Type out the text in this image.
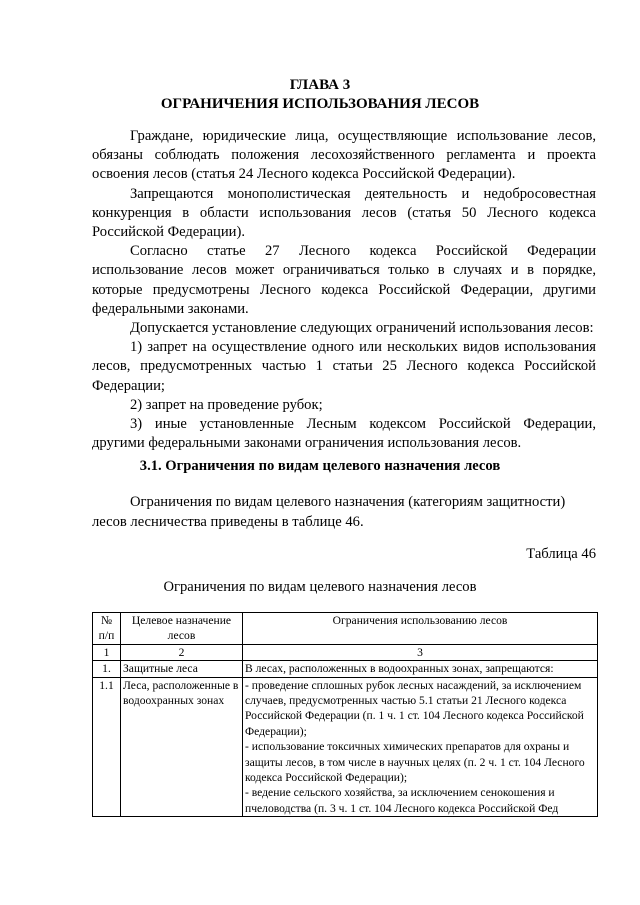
ГЛАВА 3
ОГРАНИЧЕНИЯ ИСПОЛЬЗОВАНИЯ ЛЕСОВ

Граждане, юридические лица, осуществляющие использование лесов, обязаны соблюдать положения лесохозяйственного регламента и проекта освоения лесов (статья 24 Лесного кодекса Российской Федерации).

Запрещаются монополистическая деятельность и недобросовестная конкуренция в области использования лесов (статья 50 Лесного кодекса Российской Федерации).

Согласно статье 27 Лесного кодекса Российской Федерации использование лесов может ограничиваться только в случаях и в порядке, которые предусмотрены Лесного кодекса Российской Федерации, другими федеральными законами.

Допускается установление следующих ограничений использования лесов:

1) запрет на осуществление одного или нескольких видов использования лесов, предусмотренных частью 1 статьи 25 Лесного кодекса Российской Федерации;

2) запрет на проведение рубок;

3) иные установленные Лесным кодексом Российской Федерации, другими федеральными законами ограничения использования лесов.

3.1. Ограничения по видам целевого назначения лесов

Ограничения по видам целевого назначения (категориям защитности) лесов лесничества приведены в таблице 46.

Таблица 46
Ограничения по видам целевого назначения лесов
№ п/п	Целевое назначение лесов	Ограничения использованию лесов
1	2	3
1.	Защитные леса	В лесах, расположенных в водоохранных зонах, запрещаются:
1.1	Леса, расположенные в водоохранных зонах	- проведение сплошных рубок лесных насаждений, за исключением случаев, предусмотренных частью 5.1 статьи 21 Лесного кодекса Российской Федерации (п. 1 ч. 1 ст. 104 Лесного кодекса Российской Федерации);
- использование токсичных химических препаратов для охраны и защиты лесов, в том числе в научных целях (п. 2 ч. 1 ст. 104 Лесного кодекса Российской Федерации);
- ведение сельского хозяйства, за исключением сенокошения и пчеловодства (п. 3 ч. 1 ст. 104 Лесного кодекса Российской Фед
